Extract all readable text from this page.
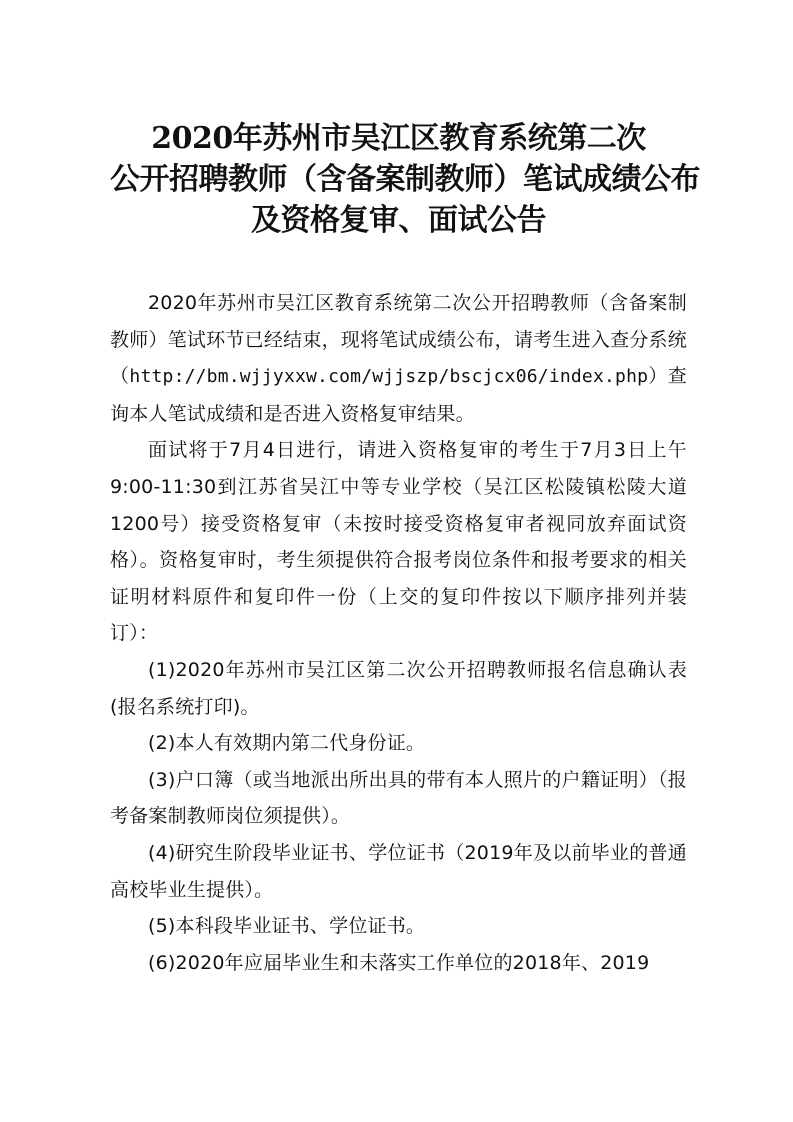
2020年苏州市吴江区教育系统第二次
公开招聘教师（含备案制教师）笔试成绩公布
及资格复审、面试公告

2020年苏州市吴江区教育系统第二次公开招聘教师（含备案制教师）笔试环节已经结束，现将笔试成绩公布，请考生进入查分系统（http://bm.wjjyxxw.com/wjjszp/bscjcx06/index.php）查询本人笔试成绩和是否进入资格复审结果。

面试将于7月4日进行，请进入资格复审的考生于7月3日上午9:00-11:30到江苏省吴江中等专业学校（吴江区松陵镇松陵大道1200号）接受资格复审（未按时接受资格复审者视同放弃面试资格）。资格复审时，考生须提供符合报考岗位条件和报考要求的相关证明材料原件和复印件一份（上交的复印件按以下顺序排列并装订）：

(1)2020年苏州市吴江区第二次公开招聘教师报名信息确认表(报名系统打印)。

(2)本人有效期内第二代身份证。

(3)户口簿（或当地派出所出具的带有本人照片的户籍证明）（报考备案制教师岗位须提供）。

(4)研究生阶段毕业证书、学位证书（2019年及以前毕业的普通高校毕业生提供）。

(5)本科段毕业证书、学位证书。

(6)2020年应届毕业生和未落实工作单位的2018年、2019
